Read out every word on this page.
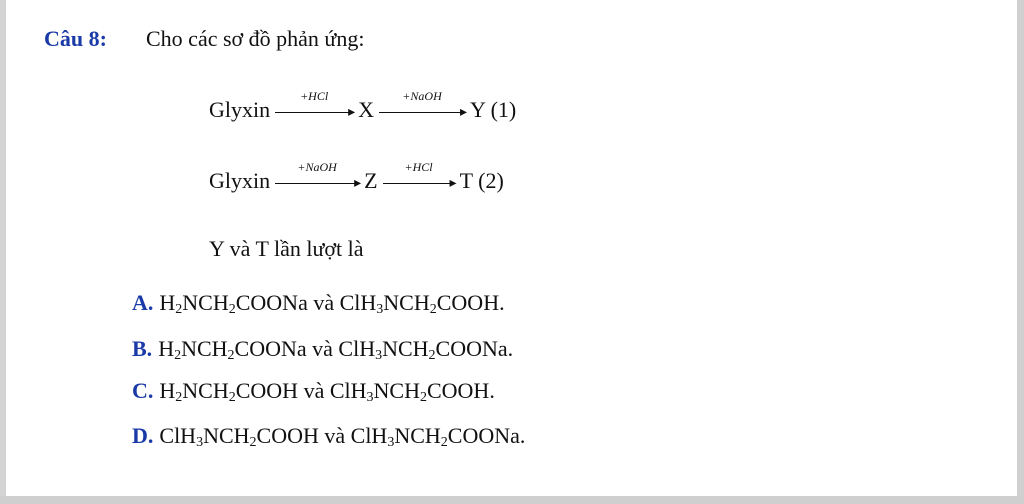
Câu 8: Cho các sơ đồ phản ứng:
Glyxin
+HCl
▸ X
+NaOH
▸ Y (1)
Glyxin
+NaOH
▸ Z
+HCl
▸ T (2)
Y và T lần lượt là
A. $H_2NCH_2COONa$ và $ClH_3NCH_2COOH$.
B. $H_2NCH_2COONa$ và $ClH_3NCH_2COONa$.
C. $H_2NCH_2COOH$ và $ClH_3NCH_2COOH$.
D. $ClH_3NCH_2COOH$ và $ClH_3NCH_2COONa$.
